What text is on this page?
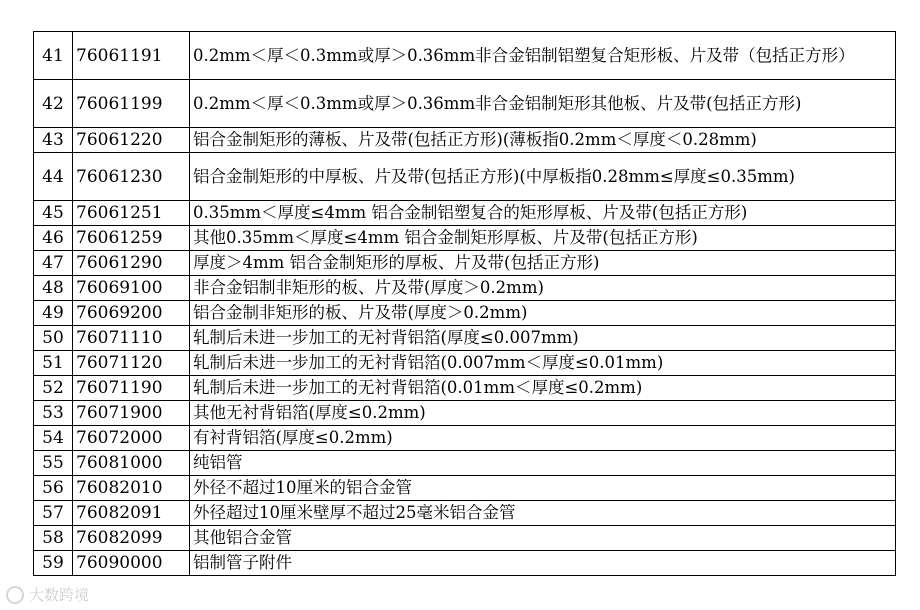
41	76061191	0.2mm＜厚＜0.3mm或厚＞0.36mm非合金铝制铝塑复合矩形板、片及带（包括正方形）
42	76061199	0.2mm＜厚＜0.3mm或厚＞0.36mm非合金铝制矩形其他板、片及带(包括正方形)
43	76061220	铝合金制矩形的薄板、片及带(包括正方形)(薄板指0.2mm＜厚度＜0.28mm)
44	76061230	铝合金制矩形的中厚板、片及带(包括正方形)(中厚板指0.28mm≤厚度≤0.35mm)
45	76061251	0.35mm＜厚度≤4mm 铝合金制铝塑复合的矩形厚板、片及带(包括正方形)
46	76061259	其他0.35mm＜厚度≤4mm 铝合金制矩形厚板、片及带(包括正方形)
47	76061290	厚度＞4mm 铝合金制矩形的厚板、片及带(包括正方形)
48	76069100	非合金铝制非矩形的板、片及带(厚度＞0.2mm)
49	76069200	铝合金制非矩形的板、片及带(厚度＞0.2mm)
50	76071110	轧制后未进一步加工的无衬背铝箔(厚度≤0.007mm)
51	76071120	轧制后未进一步加工的无衬背铝箔(0.007mm＜厚度≤0.01mm)
52	76071190	轧制后未进一步加工的无衬背铝箔(0.01mm＜厚度≤0.2mm)
53	76071900	其他无衬背铝箔(厚度≤0.2mm)
54	76072000	有衬背铝箔(厚度≤0.2mm)
55	76081000	纯铝管
56	76082010	外径不超过10厘米的铝合金管
57	76082091	外径超过10厘米壁厚不超过25毫米铝合金管
58	76082099	其他铝合金管
59	76090000	铝制管子附件
大数跨境
